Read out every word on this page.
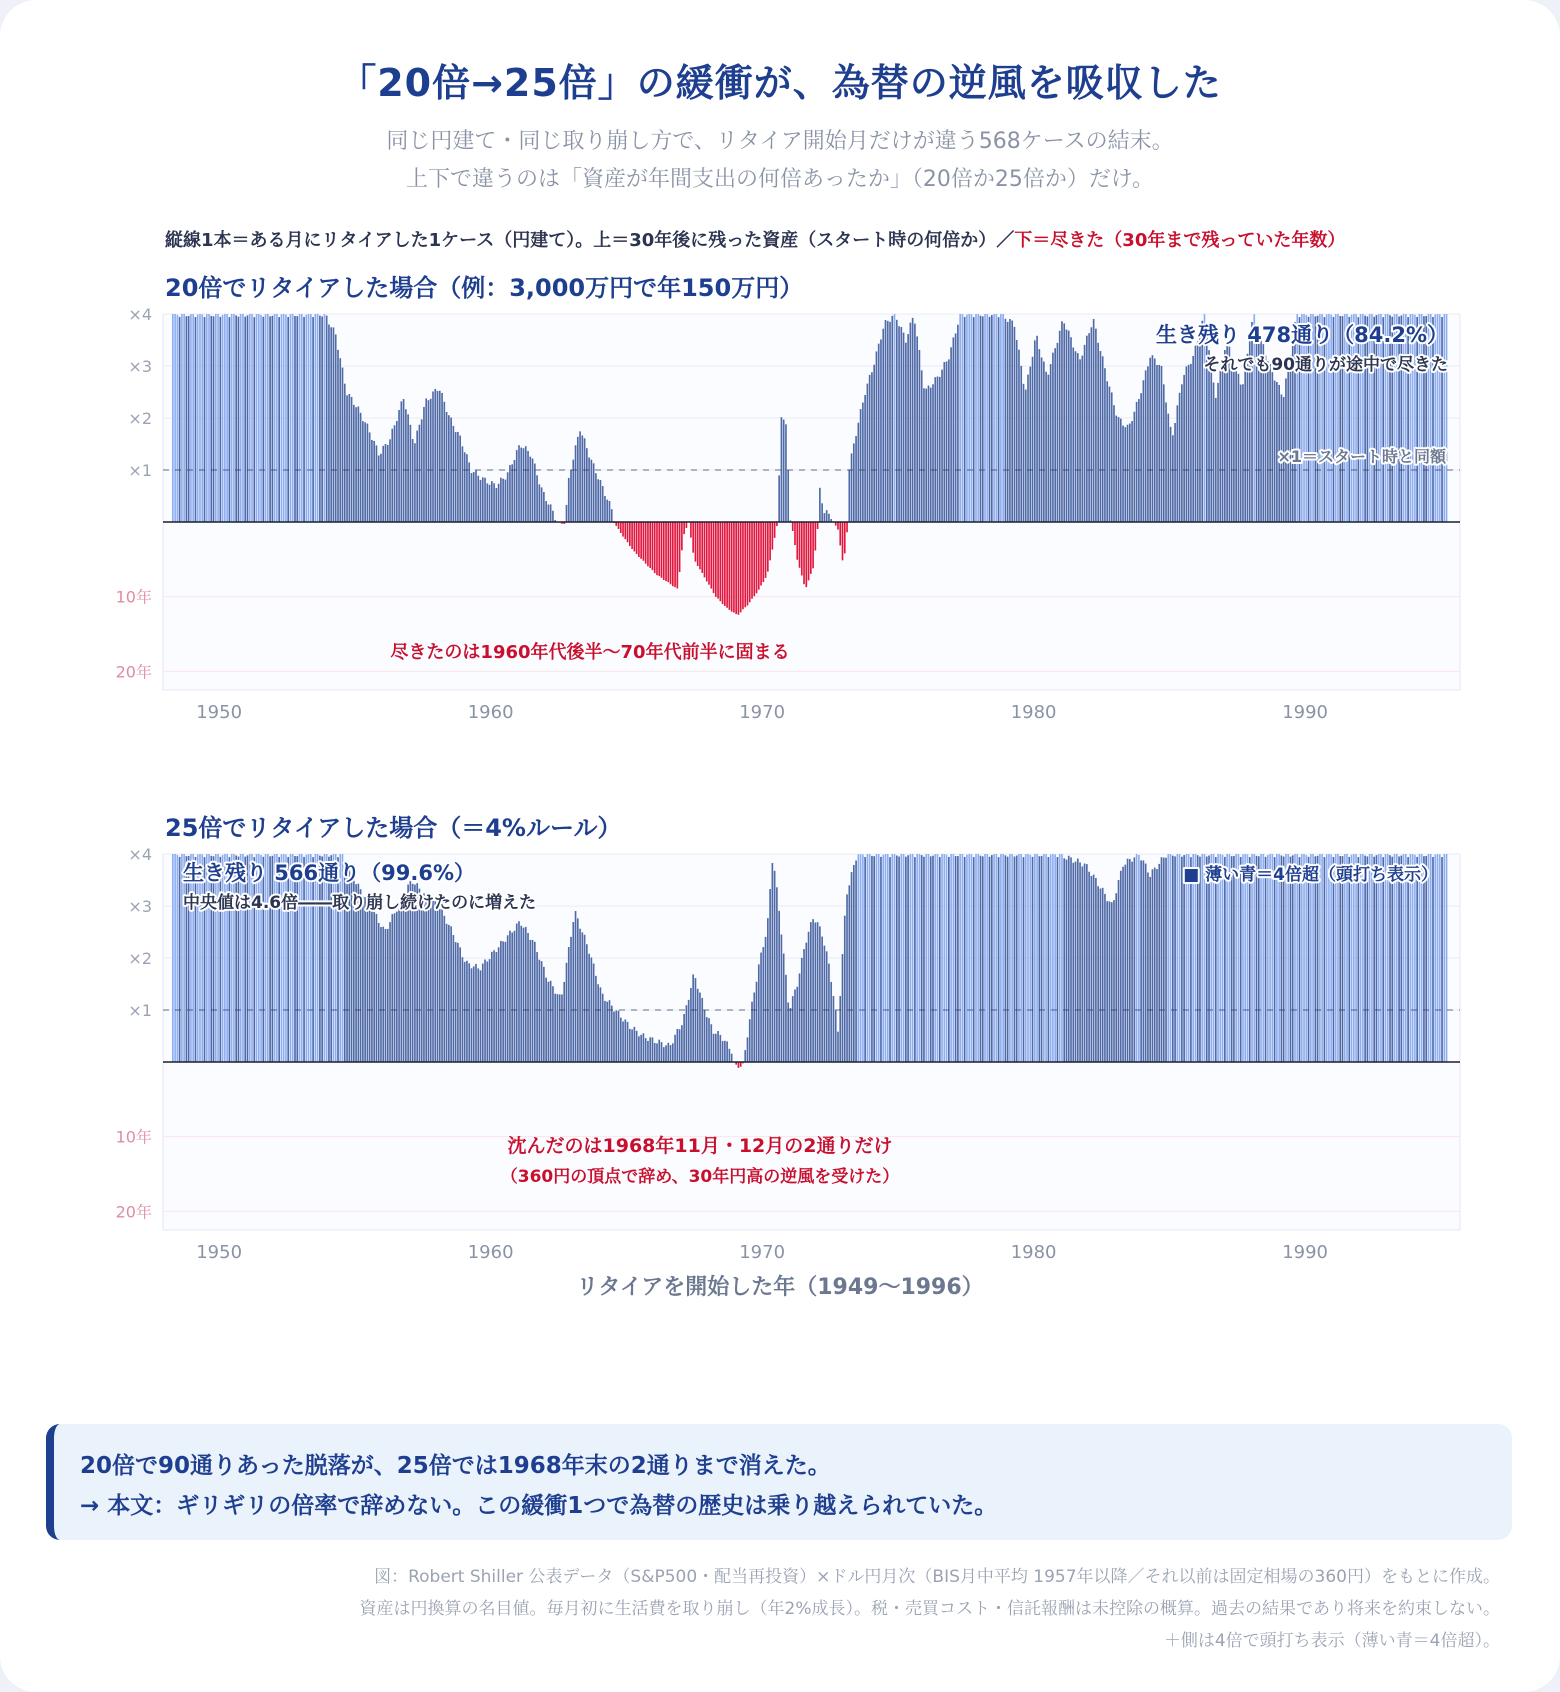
「20倍→25倍」の緩衝が、為替の逆風を吸収した
同じ円建て・同じ取り崩し方で、リタイア開始月だけが違う568ケースの結末。
上下で違うのは「資産が年間支出の何倍あったか」（20倍か25倍か）だけ。
縦線1本＝ある月にリタイアした1ケース（円建て）。上＝30年後に残った資産（スタート時の何倍か）／下＝尽きた（30年まで残っていた年数）
20倍でリタイアした場合（例：3,000万円で年150万円）
×1
×2
×3
×4
10年
20年
1950	1960	1970	1980	1990
生き残り 478通り（84.2%）
それでも90通りが途中で尽きた
×1＝スタート時と同額
尽きたのは1960年代後半〜70年代前半に固まる
25倍でリタイアした場合（＝4%ルール）
×1
×2
×3
×4
10年
20年
1950	1960	1970	1980	1990
生き残り 566通り（99.6%）
中央値は4.6倍――取り崩し続けたのに増えた
■ 薄い青＝4倍超（頭打ち表示）
沈んだのは1968年11月・12月の2通りだけ
（360円の頂点で辞め、30年円高の逆風を受けた）
リタイアを開始した年（1949〜1996）
20倍で90通りあった脱落が、25倍では1968年末の2通りまで消えた。
→ 本文：ギリギリの倍率で辞めない。この緩衝1つで為替の歴史は乗り越えられていた。
図：Robert Shiller 公表データ（S&P500・配当再投資）×ドル円月次（BIS月中平均 1957年以降／それ以前は固定相場の360円）をもとに作成。
資産は円換算の名目値。毎月初に生活費を取り崩し（年2%成長）。税・売買コスト・信託報酬は未控除の概算。過去の結果であり将来を約束しない。
＋側は4倍で頭打ち表示（薄い青＝4倍超）。
